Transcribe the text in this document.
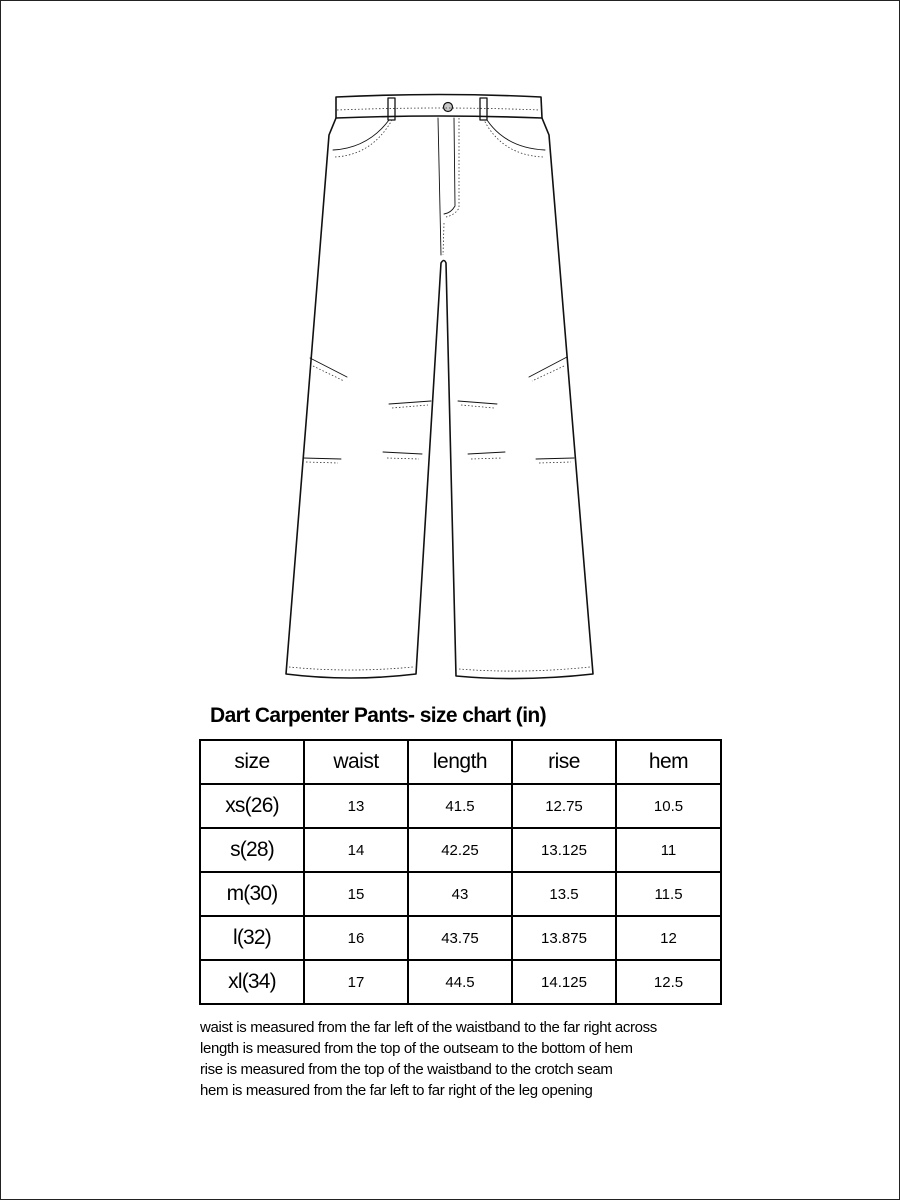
Dart Carpenter Pants- size chart (in)
size	waist	length	rise	hem
xs(26)	13	41.5	12.75	10.5
s(28)	14	42.25	13.125	11
m(30)	15	43	13.5	11.5
l(32)	16	43.75	13.875	12
xl(34)	17	44.5	14.125	12.5
waist is measured from the far left of the waistband to the far right across
length is measured from the top of the outseam to the bottom of hem
rise is measured from the top of the waistband to the crotch seam
hem is measured from the far left to far right of the leg opening
